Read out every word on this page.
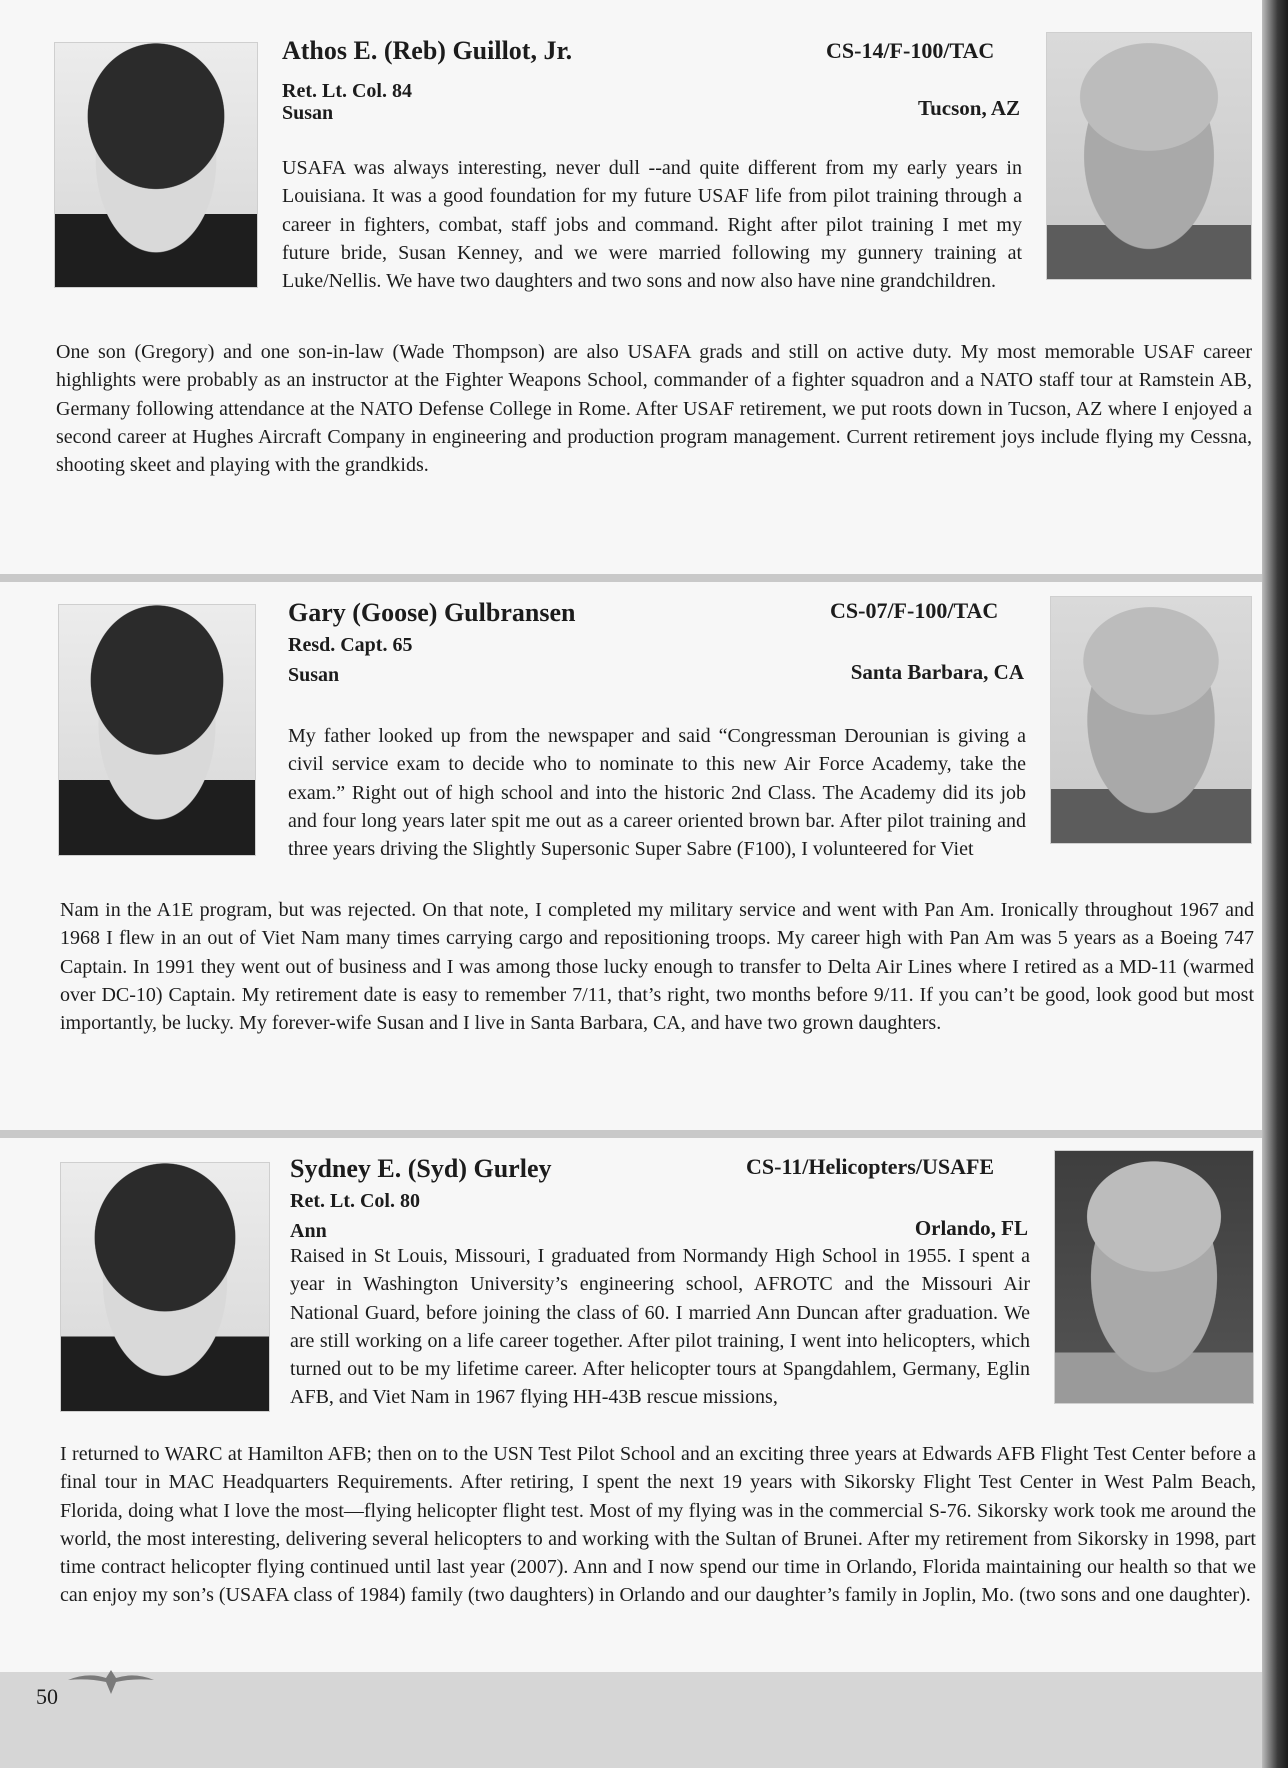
Athos E. (Reb) Guillot, Jr.	CS-14/F-100/TAC
Ret. Lt. Col. 84
Susan	Tucson, AZ
USAFA was always interesting, never dull --and quite different from my early years in Louisiana. It was a good foundation for my future USAF life from pilot training through a career in fighters, combat, staff jobs and command. Right after pilot training I met my future bride, Susan Kenney, and we were married following my gunnery training at Luke/Nellis. We have two daughters and two sons and now also have nine grandchildren.
One son (Gregory) and one son-in-law (Wade Thompson) are also USAFA grads and still on active duty. My most memorable USAF career highlights were probably as an instructor at the Fighter Weapons School, commander of a fighter squadron and a NATO staff tour at Ramstein AB, Germany following attendance at the NATO Defense College in Rome. After USAF retirement, we put roots down in Tucson, AZ where I enjoyed a second career at Hughes Aircraft Company in engineering and production program management. Current retirement joys include flying my Cessna, shooting skeet and playing with the grandkids.
Gary (Goose) Gulbransen	CS-07/F-100/TAC
Resd. Capt. 65
Susan	Santa Barbara, CA
My father looked up from the newspaper and said “Congressman Derounian is giving a civil service exam to decide who to nominate to this new Air Force Academy, take the exam.” Right out of high school and into the historic 2nd Class. The Academy did its job and four long years later spit me out as a career oriented brown bar. After pilot training and three years driving the Slightly Supersonic Super Sabre (F100), I volunteered for Viet
Nam in the A1E program, but was rejected. On that note, I completed my military service and went with Pan Am. Ironically throughout 1967 and 1968 I flew in an out of Viet Nam many times carrying cargo and repositioning troops. My career high with Pan Am was 5 years as a Boeing 747 Captain. In 1991 they went out of business and I was among those lucky enough to transfer to Delta Air Lines where I retired as a MD-11 (warmed over DC-10) Captain. My retirement date is easy to remember 7/11, that’s right, two months before 9/11. If you can’t be good, look good but most importantly, be lucky. My forever-wife Susan and I live in Santa Barbara, CA, and have two grown daughters.
Sydney E. (Syd) Gurley	CS-11/Helicopters/USAFE
Ret. Lt. Col. 80
Ann	Orlando, FL
Raised in St Louis, Missouri, I graduated from Normandy High School in 1955. I spent a year in Washington University’s engineering school, AFROTC and the Missouri Air National Guard, before joining the class of 60. I married Ann Duncan after graduation. We are still working on a life career together. After pilot training, I went into helicopters, which turned out to be my lifetime career. After helicopter tours at Spangdahlem, Germany, Eglin AFB, and Viet Nam in 1967 flying HH-43B rescue missions,
I returned to WARC at Hamilton AFB; then on to the USN Test Pilot School and an exciting three years at Edwards AFB Flight Test Center before a final tour in MAC Headquarters Requirements. After retiring, I spent the next 19 years with Sikorsky Flight Test Center in West Palm Beach, Florida, doing what I love the most—flying helicopter flight test. Most of my flying was in the commercial S-76. Sikorsky work took me around the world, the most interesting, delivering several helicopters to and working with the Sultan of Brunei. After my retirement from Sikorsky in 1998, part time contract helicopter flying continued until last year (2007). Ann and I now spend our time in Orlando, Florida maintaining our health so that we can enjoy my son’s (USAFA class of 1984) family (two daughters) in Orlando and our daughter’s family in Joplin, Mo. (two sons and one daughter).
50
